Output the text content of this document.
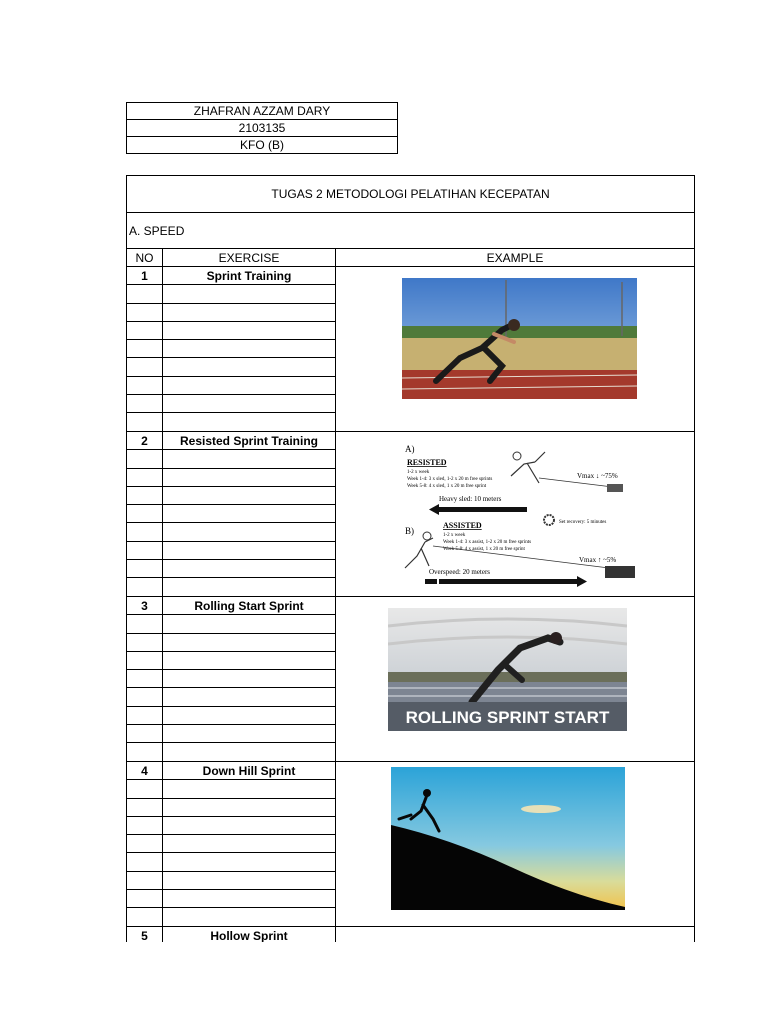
ZHAFRAN AZZAM DARY
2103135
KFO (B)
TUGAS 2 METODOLOGI PELATIHAN KECEPATAN
A. SPEED
NO	EXERCISE	EXAMPLE
1	Sprint Training
2	Resisted Sprint Training
A)
RESISTED
1-2 x week
Week 1-4: 3 x sled, 1-2 x 20 m free sprints
Week 5-8: 4 x sled, 1 x 20 m free sprint
Vmax ↓ ~75%
Heavy sled: 10 meters
Set recovery: 5 minutes
B)
ASSISTED
1-2 x week
Week 1-4: 3 x assist, 1-2 x 20 m free sprints
Week 5-8: 4 x assist, 1 x 20 m free sprint
Vmax ↑ ~5%
Overspeed: 20 meters
3	Rolling Start Sprint
ROLLING SPRINT START
4	Down Hill Sprint
5	Hollow Sprint
